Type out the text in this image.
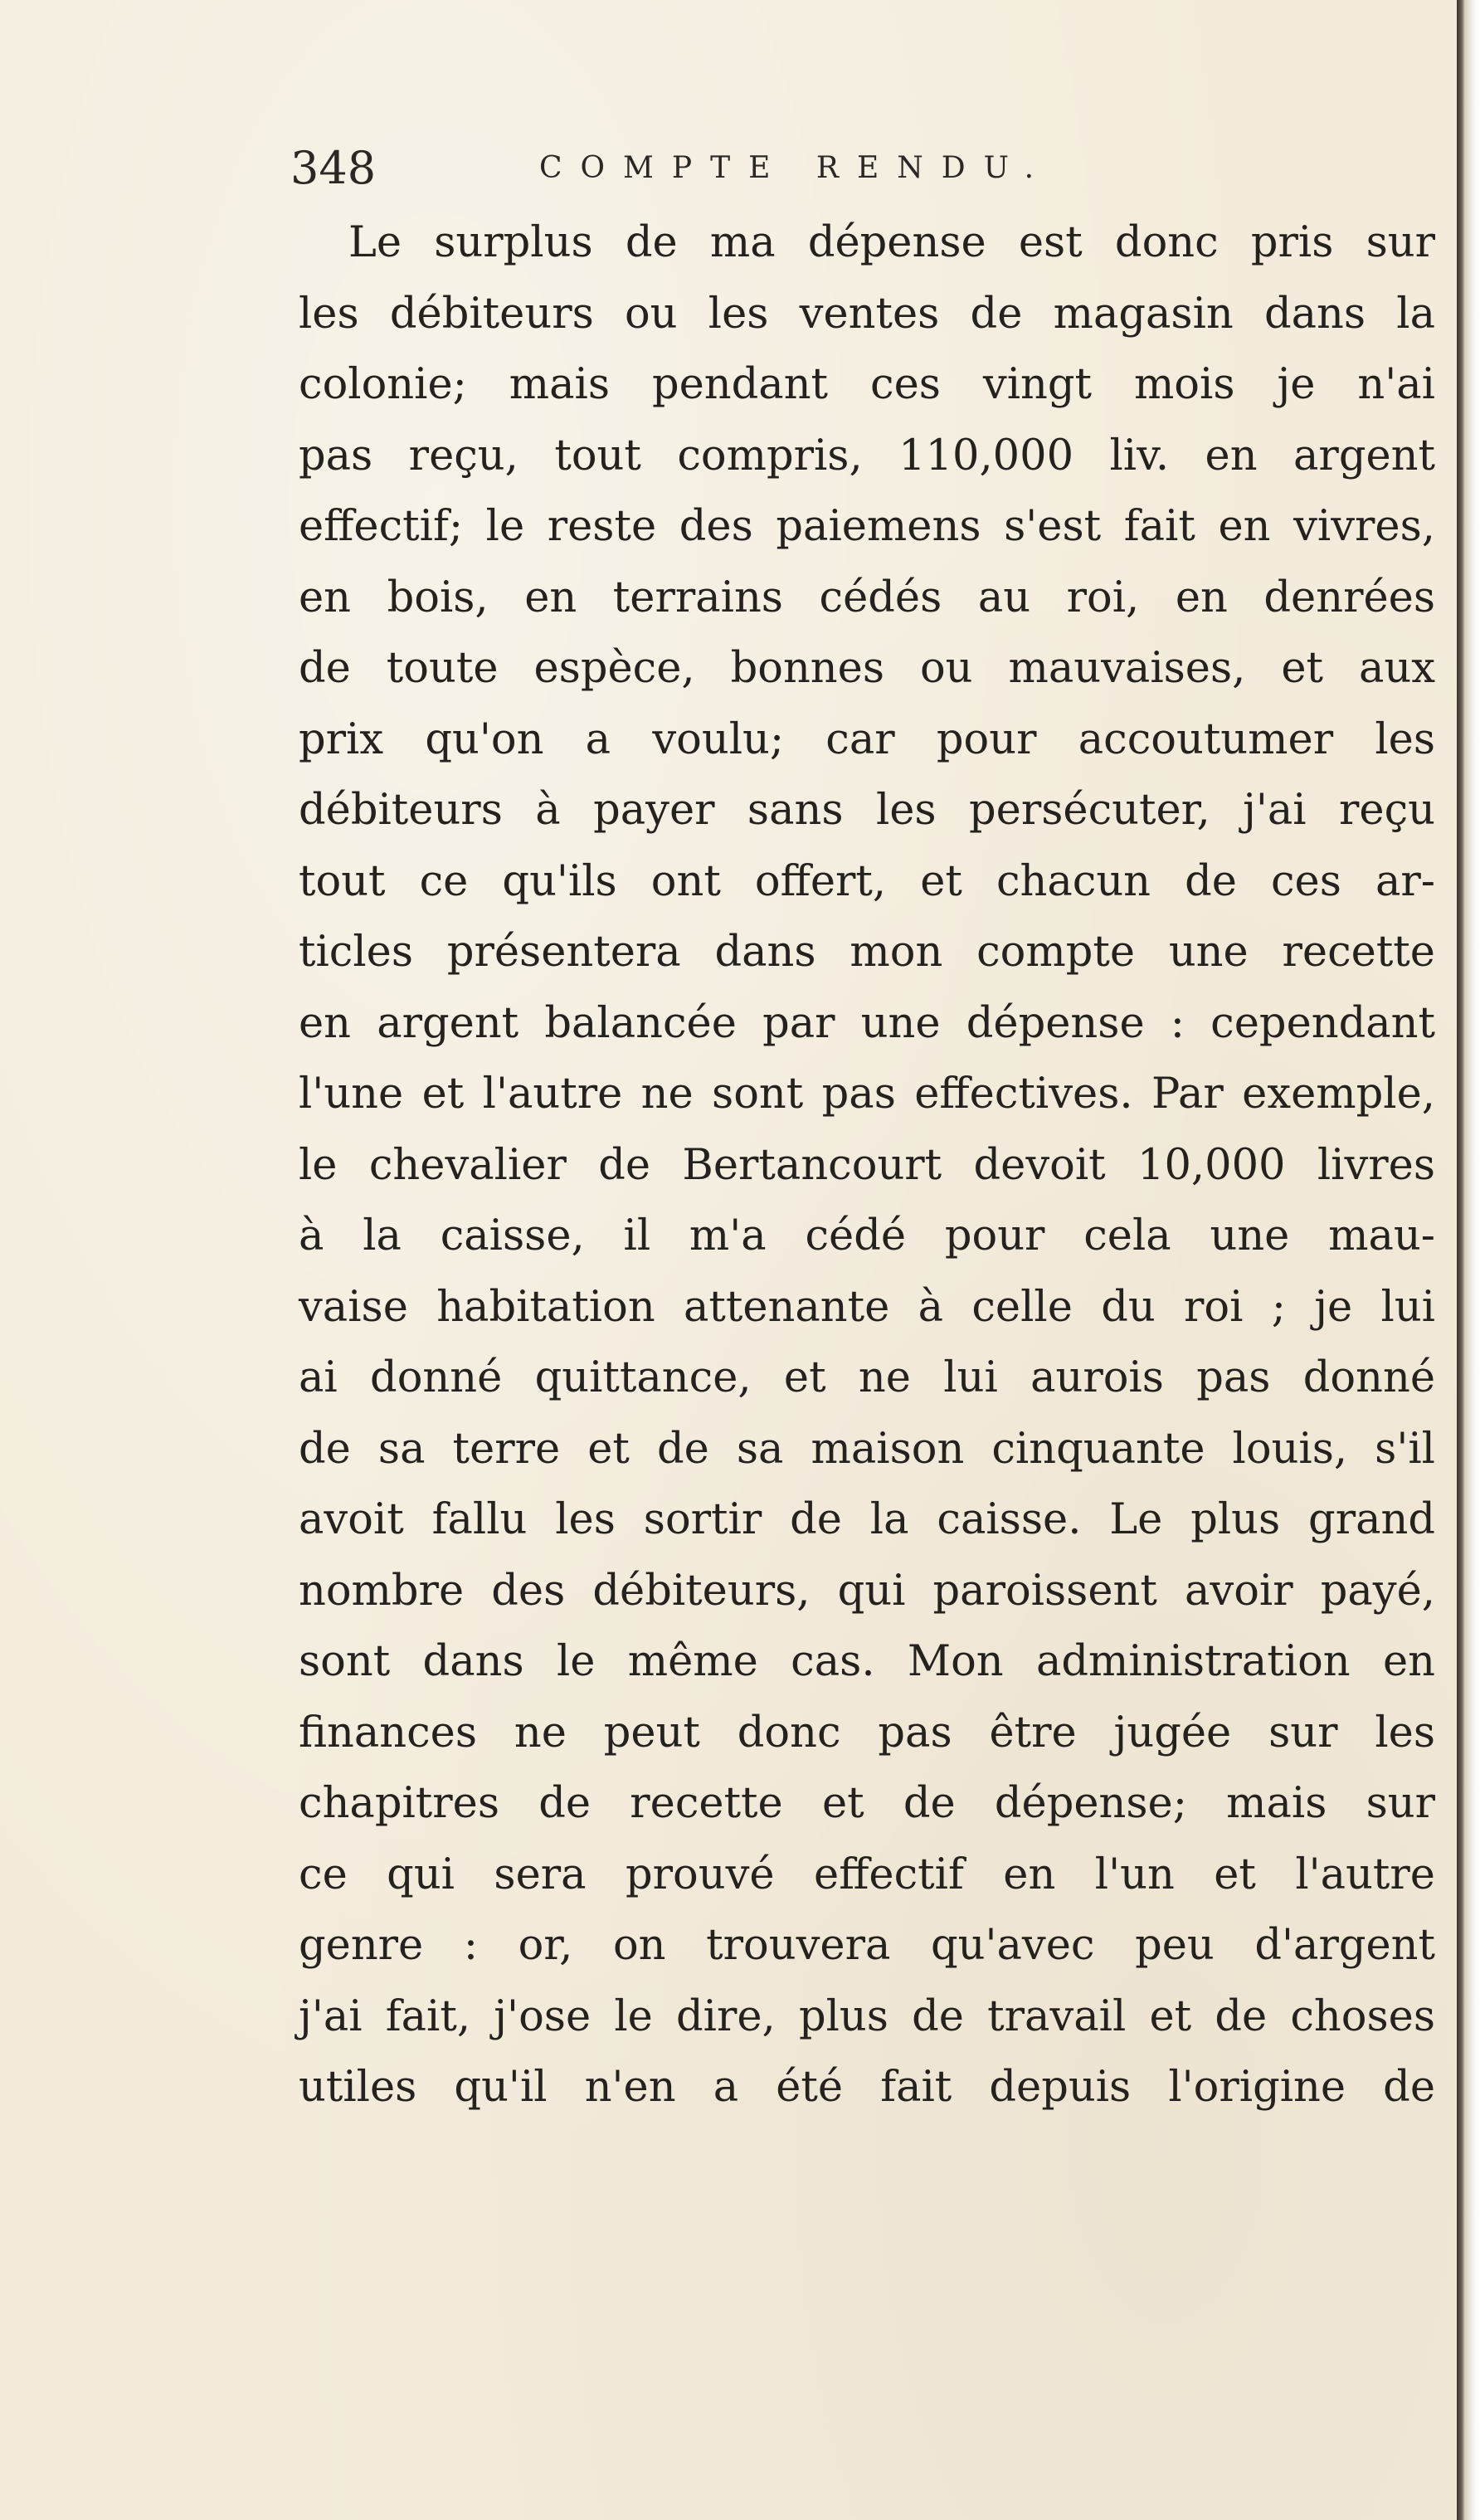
348	COMPTE RENDU.
Le surplus de ma dépense est donc pris sur
les débiteurs ou les ventes de magasin dans la
colonie; mais pendant ces vingt mois je n'ai
pas reçu, tout compris, 110,000 liv. en argent
effectif; le reste des paiemens s'est fait en vivres,
en bois, en terrains cédés au roi, en denrées
de toute espèce, bonnes ou mauvaises, et aux
prix qu'on a voulu; car pour accoutumer les
débiteurs à payer sans les persécuter, j'ai reçu
tout ce qu'ils ont offert, et chacun de ces ar-
ticles présentera dans mon compte une recette
en argent balancée par une dépense : cependant
l'une et l'autre ne sont pas effectives. Par exemple,
le chevalier de Bertancourt devoit 10,000 livres
à la caisse, il m'a cédé pour cela une mau-
vaise habitation attenante à celle du roi ; je lui
ai donné quittance, et ne lui aurois pas donné
de sa terre et de sa maison cinquante louis, s'il
avoit fallu les sortir de la caisse. Le plus grand
nombre des débiteurs, qui paroissent avoir payé,
sont dans le même cas. Mon administration en
finances ne peut donc pas être jugée sur les
chapitres de recette et de dépense; mais sur
ce qui sera prouvé effectif en l'un et l'autre
genre : or, on trouvera qu'avec peu d'argent
j'ai fait, j'ose le dire, plus de travail et de choses
utiles qu'il n'en a été fait depuis l'origine de
